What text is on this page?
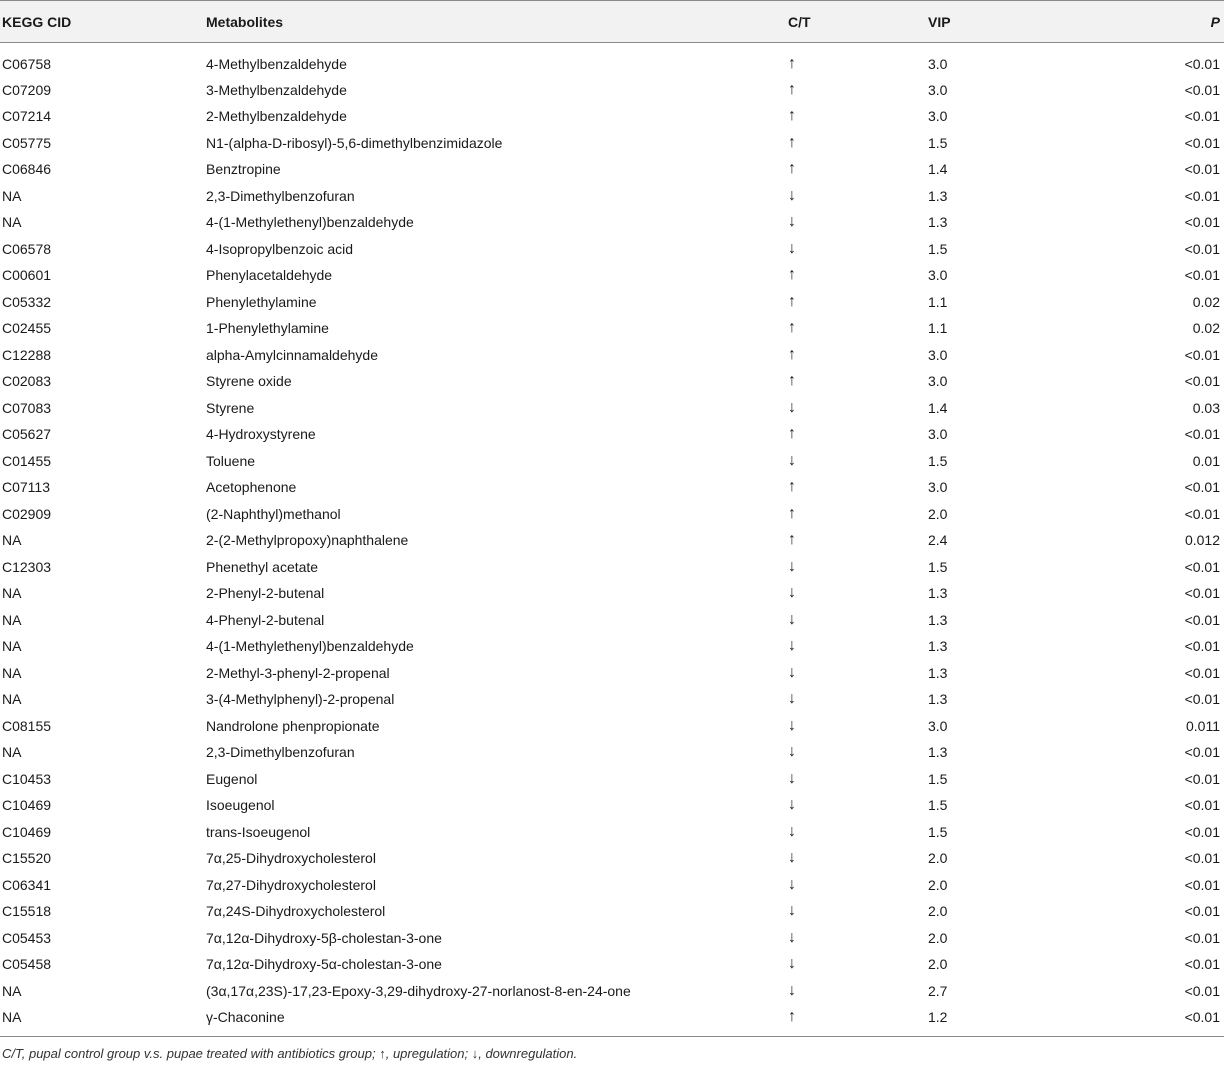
KEGG CID	Metabolites	C/T	VIP	P
C06758	4-Methylbenzaldehyde	↑	3.0	<0.01
C07209	3-Methylbenzaldehyde	↑	3.0	<0.01
C07214	2-Methylbenzaldehyde	↑	3.0	<0.01
C05775	N1-(alpha-D-ribosyl)-5,6-dimethylbenzimidazole	↑	1.5	<0.01
C06846	Benztropine	↑	1.4	<0.01
NA	2,3-Dimethylbenzofuran	↓	1.3	<0.01
NA	4-(1-Methylethenyl)benzaldehyde	↓	1.3	<0.01
C06578	4-Isopropylbenzoic acid	↓	1.5	<0.01
C00601	Phenylacetaldehyde	↑	3.0	<0.01
C05332	Phenylethylamine	↑	1.1	0.02
C02455	1-Phenylethylamine	↑	1.1	0.02
C12288	alpha-Amylcinnamaldehyde	↑	3.0	<0.01
C02083	Styrene oxide	↑	3.0	<0.01
C07083	Styrene	↓	1.4	0.03
C05627	4-Hydroxystyrene	↑	3.0	<0.01
C01455	Toluene	↓	1.5	0.01
C07113	Acetophenone	↑	3.0	<0.01
C02909	(2-Naphthyl)methanol	↑	2.0	<0.01
NA	2-(2-Methylpropoxy)naphthalene	↑	2.4	0.012
C12303	Phenethyl acetate	↓	1.5	<0.01
NA	2-Phenyl-2-butenal	↓	1.3	<0.01
NA	4-Phenyl-2-butenal	↓	1.3	<0.01
NA	4-(1-Methylethenyl)benzaldehyde	↓	1.3	<0.01
NA	2-Methyl-3-phenyl-2-propenal	↓	1.3	<0.01
NA	3-(4-Methylphenyl)-2-propenal	↓	1.3	<0.01
C08155	Nandrolone phenpropionate	↓	3.0	0.011
NA	2,3-Dimethylbenzofuran	↓	1.3	<0.01
C10453	Eugenol	↓	1.5	<0.01
C10469	Isoeugenol	↓	1.5	<0.01
C10469	trans-Isoeugenol	↓	1.5	<0.01
C15520	7α,25-Dihydroxycholesterol	↓	2.0	<0.01
C06341	7α,27-Dihydroxycholesterol	↓	2.0	<0.01
C15518	7α,24S-Dihydroxycholesterol	↓	2.0	<0.01
C05453	7α,12α-Dihydroxy-5β-cholestan-3-one	↓	2.0	<0.01
C05458	7α,12α-Dihydroxy-5α-cholestan-3-one	↓	2.0	<0.01
NA	(3α,17α,23S)-17,23-Epoxy-3,29-dihydroxy-27-norlanost-8-en-24-one	↓	2.7	<0.01
NA	γ-Chaconine	↑	1.2	<0.01
C/T, pupal control group v.s. pupae treated with antibiotics group; ↑, upregulation; ↓, downregulation.
